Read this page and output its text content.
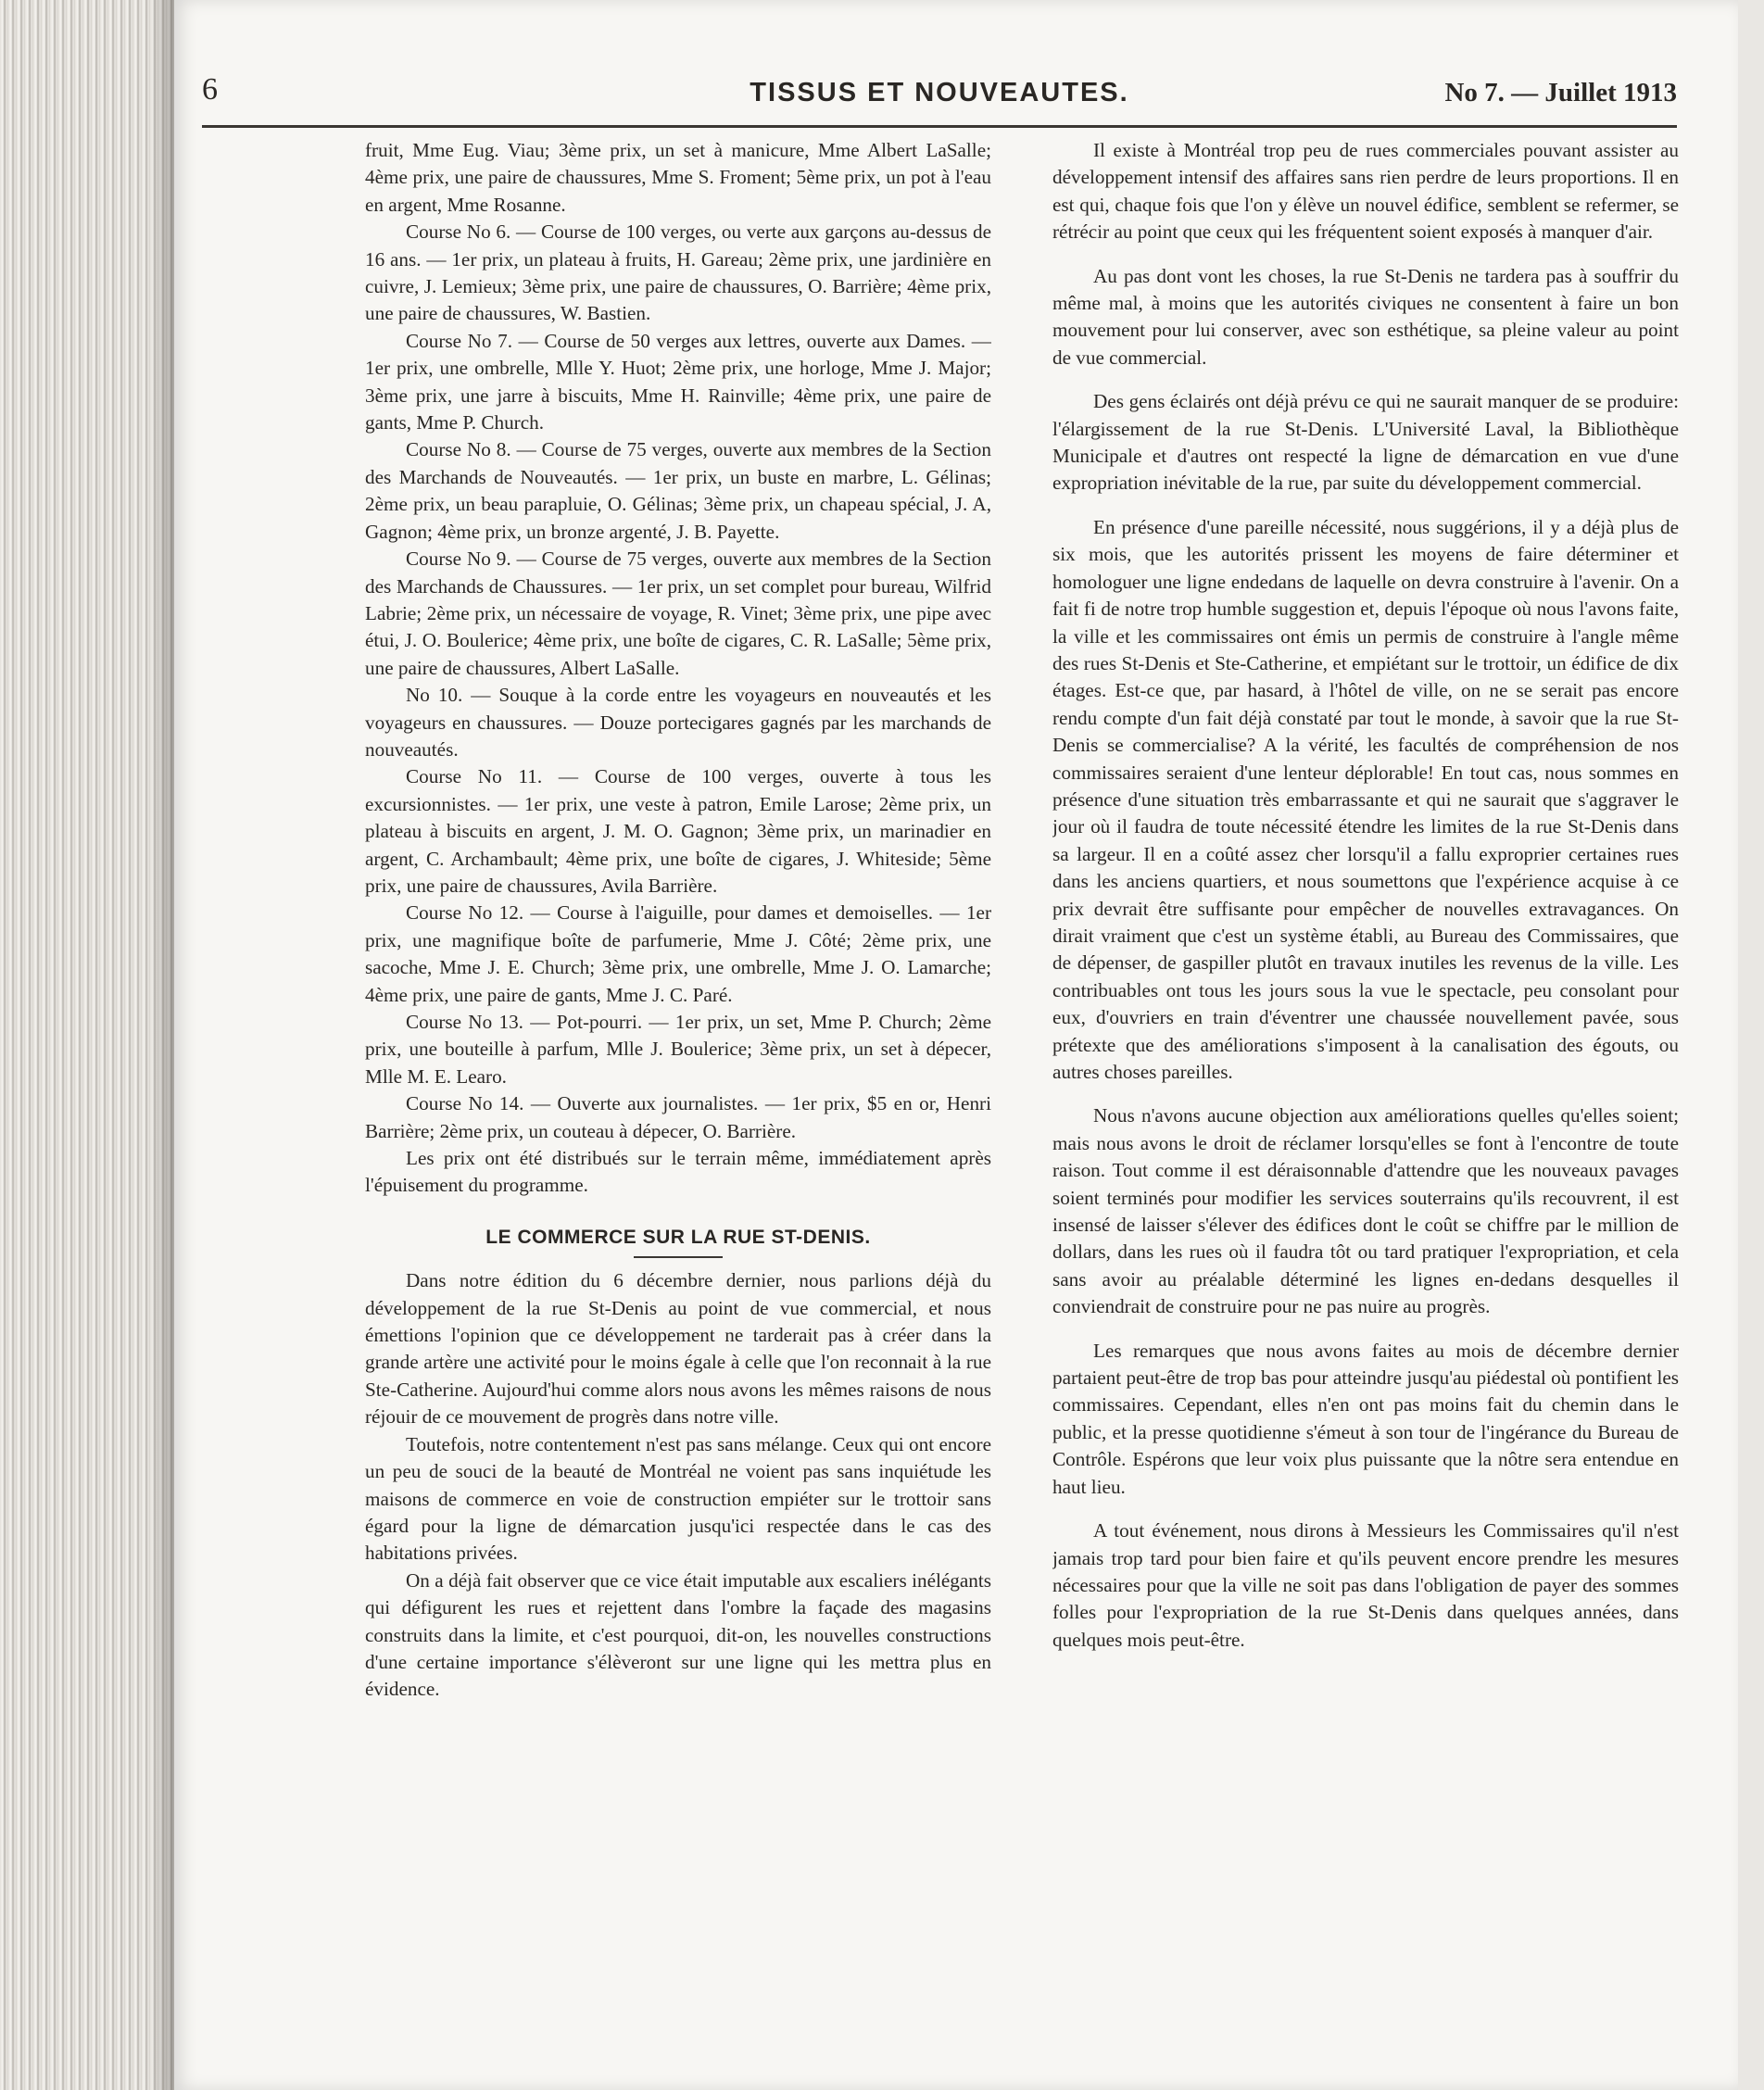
6	TISSUS ET NOUVEAUTES.	No 7. — Juillet 1913

fruit, Mme Eug. Viau; 3ème prix, un set à manicure, Mme Albert LaSalle; 4ème prix, une paire de chaussures, Mme S. Froment; 5ème prix, un pot à l'eau en argent, Mme Rosanne.

Course No 6. — Course de 100 verges, ou verte aux garçons au-dessus de 16 ans. — 1er prix, un plateau à fruits, H. Gareau; 2ème prix, une jardinière en cuivre, J. Lemieux; 3ème prix, une paire de chaussures, O. Barrière; 4ème prix, une paire de chaussures, W. Bastien.

Course No 7. — Course de 50 verges aux lettres, ouverte aux Dames. — 1er prix, une ombrelle, Mlle Y. Huot; 2ème prix, une horloge, Mme J. Major; 3ème prix, une jarre à biscuits, Mme H. Rainville; 4ème prix, une paire de gants, Mme P. Church.

Course No 8. — Course de 75 verges, ouverte aux membres de la Section des Marchands de Nouveautés. — 1er prix, un buste en marbre, L. Gélinas; 2ème prix, un beau parapluie, O. Gélinas; 3ème prix, un chapeau spécial, J. A, Gagnon; 4ème prix, un bronze argenté, J. B. Payette.

Course No 9. — Course de 75 verges, ouverte aux membres de la Section des Marchands de Chaussures. — 1er prix, un set complet pour bureau, Wilfrid Labrie; 2ème prix, un nécessaire de voyage, R. Vinet; 3ème prix, une pipe avec étui, J. O. Boulerice; 4ème prix, une boîte de cigares, C. R. LaSalle; 5ème prix, une paire de chaussures, Albert LaSalle.

No 10. — Souque à la corde entre les voyageurs en nouveautés et les voyageurs en chaussures. — Douze portecigares gagnés par les marchands de nouveautés.

Course No 11. — Course de 100 verges, ouverte à tous les excursionnistes. — 1er prix, une veste à patron, Emile Larose; 2ème prix, un plateau à biscuits en argent, J. M. O. Gagnon; 3ème prix, un marinadier en argent, C. Archambault; 4ème prix, une boîte de cigares, J. Whiteside; 5ème prix, une paire de chaussures, Avila Barrière.

Course No 12. — Course à l'aiguille, pour dames et demoiselles. — 1er prix, une magnifique boîte de parfumerie, Mme J. Côté; 2ème prix, une sacoche, Mme J. E. Church; 3ème prix, une ombrelle, Mme J. O. Lamarche; 4ème prix, une paire de gants, Mme J. C. Paré.

Course No 13. — Pot-pourri. — 1er prix, un set, Mme P. Church; 2ème prix, une bouteille à parfum, Mlle J. Boulerice; 3ème prix, un set à dépecer, Mlle M. E. Learo.

Course No 14. — Ouverte aux journalistes. — 1er prix, $5 en or, Henri Barrière; 2ème prix, un couteau à dépecer, O. Barrière.

Les prix ont été distribués sur le terrain même, immédiatement après l'épuisement du programme.

LE COMMERCE SUR LA RUE ST-DENIS.

Dans notre édition du 6 décembre dernier, nous parlions déjà du développement de la rue St-Denis au point de vue commercial, et nous émettions l'opinion que ce développement ne tarderait pas à créer dans la grande artère une activité pour le moins égale à celle que l'on reconnait à la rue Ste-Catherine. Aujourd'hui comme alors nous avons les mêmes raisons de nous réjouir de ce mouvement de progrès dans notre ville.

Toutefois, notre contentement n'est pas sans mélange. Ceux qui ont encore un peu de souci de la beauté de Montréal ne voient pas sans inquiétude les maisons de commerce en voie de construction empiéter sur le trottoir sans égard pour la ligne de démarcation jusqu'ici respectée dans le cas des habitations privées.

On a déjà fait observer que ce vice était imputable aux escaliers inélégants qui défigurent les rues et rejettent dans l'ombre la façade des magasins construits dans la limite, et c'est pourquoi, dit-on, les nouvelles constructions d'une certaine importance s'élèveront sur une ligne qui les mettra plus en évidence.

Il existe à Montréal trop peu de rues commerciales pouvant assister au développement intensif des affaires sans rien perdre de leurs proportions. Il en est qui, chaque fois que l'on y élève un nouvel édifice, semblent se refermer, se rétrécir au point que ceux qui les fréquentent soient exposés à manquer d'air.

Au pas dont vont les choses, la rue St-Denis ne tardera pas à souffrir du même mal, à moins que les autorités civiques ne consentent à faire un bon mouvement pour lui conserver, avec son esthétique, sa pleine valeur au point de vue commercial.

Des gens éclairés ont déjà prévu ce qui ne saurait manquer de se produire: l'élargissement de la rue St-Denis. L'Université Laval, la Bibliothèque Municipale et d'autres ont respecté la ligne de démarcation en vue d'une expropriation inévitable de la rue, par suite du développement commercial.

En présence d'une pareille nécessité, nous suggérions, il y a déjà plus de six mois, que les autorités prissent les moyens de faire déterminer et homologuer une ligne endedans de laquelle on devra construire à l'avenir. On a fait fi de notre trop humble suggestion et, depuis l'époque où nous l'avons faite, la ville et les commissaires ont émis un permis de construire à l'angle même des rues St-Denis et Ste-Catherine, et empiétant sur le trottoir, un édifice de dix étages. Est-ce que, par hasard, à l'hôtel de ville, on ne se serait pas encore rendu compte d'un fait déjà constaté par tout le monde, à savoir que la rue St-Denis se commercialise? A la vérité, les facultés de compréhension de nos commissaires seraient d'une lenteur déplorable! En tout cas, nous sommes en présence d'une situation très embarrassante et qui ne saurait que s'aggraver le jour où il faudra de toute nécessité étendre les limites de la rue St-Denis dans sa largeur. Il en a coûté assez cher lorsqu'il a fallu exproprier certaines rues dans les anciens quartiers, et nous soumettons que l'expérience acquise à ce prix devrait être suffisante pour empêcher de nouvelles extravagances. On dirait vraiment que c'est un système établi, au Bureau des Commissaires, que de dépenser, de gaspiller plutôt en travaux inutiles les revenus de la ville. Les contribuables ont tous les jours sous la vue le spectacle, peu consolant pour eux, d'ouvriers en train d'éventrer une chaussée nouvellement pavée, sous prétexte que des améliorations s'imposent à la canalisation des égouts, ou autres choses pareilles.

Nous n'avons aucune objection aux améliorations quelles qu'elles soient; mais nous avons le droit de réclamer lorsqu'elles se font à l'encontre de toute raison. Tout comme il est déraisonnable d'attendre que les nouveaux pavages soient terminés pour modifier les services souterrains qu'ils recouvrent, il est insensé de laisser s'élever des édifices dont le coût se chiffre par le million de dollars, dans les rues où il faudra tôt ou tard pratiquer l'expropriation, et cela sans avoir au préalable déterminé les lignes en-dedans desquelles il conviendrait de construire pour ne pas nuire au progrès.

Les remarques que nous avons faites au mois de décembre dernier partaient peut-être de trop bas pour atteindre jusqu'au piédestal où pontifient les commissaires. Cependant, elles n'en ont pas moins fait du chemin dans le public, et la presse quotidienne s'émeut à son tour de l'ingérance du Bureau de Contrôle. Espérons que leur voix plus puissante que la nôtre sera entendue en haut lieu.

A tout événement, nous dirons à Messieurs les Commissaires qu'il n'est jamais trop tard pour bien faire et qu'ils peuvent encore prendre les mesures nécessaires pour que la ville ne soit pas dans l'obligation de payer des sommes folles pour l'expropriation de la rue St-Denis dans quelques années, dans quelques mois peut-être.
